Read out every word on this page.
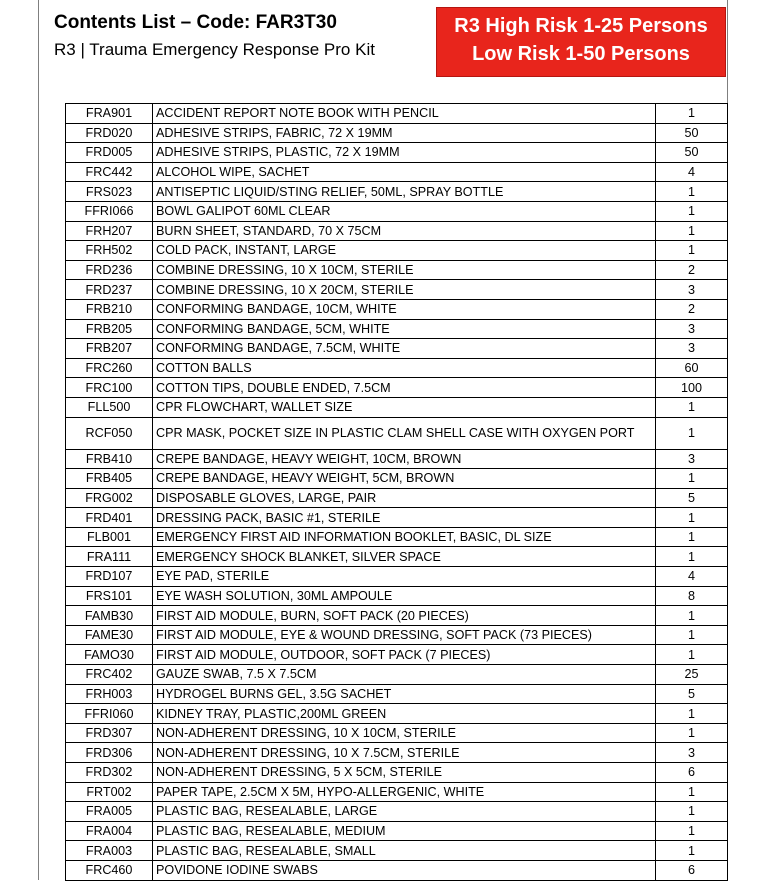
Contents List – Code: FAR3T30
R3 | Trauma Emergency Response Pro Kit
R3 High Risk 1-25 Persons
Low Risk 1-50 Persons
FRA901	ACCIDENT REPORT NOTE BOOK WITH PENCIL	1
FRD020	ADHESIVE STRIPS, FABRIC, 72 X 19MM	50
FRD005	ADHESIVE STRIPS, PLASTIC, 72 X 19MM	50
FRC442	ALCOHOL WIPE, SACHET	4
FRS023	ANTISEPTIC LIQUID/STING RELIEF, 50ML, SPRAY BOTTLE	1
FFRI066	BOWL GALIPOT 60ML CLEAR	1
FRH207	BURN SHEET, STANDARD, 70 X 75CM	1
FRH502	COLD PACK, INSTANT, LARGE	1
FRD236	COMBINE DRESSING, 10 X 10CM, STERILE	2
FRD237	COMBINE DRESSING, 10 X 20CM, STERILE	3
FRB210	CONFORMING BANDAGE, 10CM, WHITE	2
FRB205	CONFORMING BANDAGE, 5CM, WHITE	3
FRB207	CONFORMING BANDAGE, 7.5CM, WHITE	3
FRC260	COTTON BALLS	60
FRC100	COTTON TIPS, DOUBLE ENDED, 7.5CM	100
FLL500	CPR FLOWCHART, WALLET SIZE	1
RCF050	CPR MASK, POCKET SIZE IN PLASTIC CLAM SHELL CASE WITH OXYGEN PORT	1
FRB410	CREPE BANDAGE, HEAVY WEIGHT, 10CM, BROWN	3
FRB405	CREPE BANDAGE, HEAVY WEIGHT, 5CM, BROWN	1
FRG002	DISPOSABLE GLOVES, LARGE, PAIR	5
FRD401	DRESSING PACK, BASIC #1, STERILE	1
FLB001	EMERGENCY FIRST AID INFORMATION BOOKLET, BASIC, DL SIZE	1
FRA111	EMERGENCY SHOCK BLANKET, SILVER SPACE	1
FRD107	EYE PAD, STERILE	4
FRS101	EYE WASH SOLUTION, 30ML AMPOULE	8
FAMB30	FIRST AID MODULE, BURN, SOFT PACK (20 PIECES)	1
FAME30	FIRST AID MODULE, EYE & WOUND DRESSING, SOFT PACK (73 PIECES)	1
FAMO30	FIRST AID MODULE, OUTDOOR, SOFT PACK (7 PIECES)	1
FRC402	GAUZE SWAB, 7.5 X 7.5CM	25
FRH003	HYDROGEL BURNS GEL, 3.5G SACHET	5
FFRI060	KIDNEY TRAY, PLASTIC,200ML GREEN	1
FRD307	NON-ADHERENT DRESSING, 10 X 10CM, STERILE	1
FRD306	NON-ADHERENT DRESSING, 10 X 7.5CM, STERILE	3
FRD302	NON-ADHERENT DRESSING, 5 X 5CM, STERILE	6
FRT002	PAPER TAPE, 2.5CM X 5M, HYPO-ALLERGENIC, WHITE	1
FRA005	PLASTIC BAG, RESEALABLE, LARGE	1
FRA004	PLASTIC BAG, RESEALABLE, MEDIUM	1
FRA003	PLASTIC BAG, RESEALABLE, SMALL	1
FRC460	POVIDONE IODINE SWABS	6
